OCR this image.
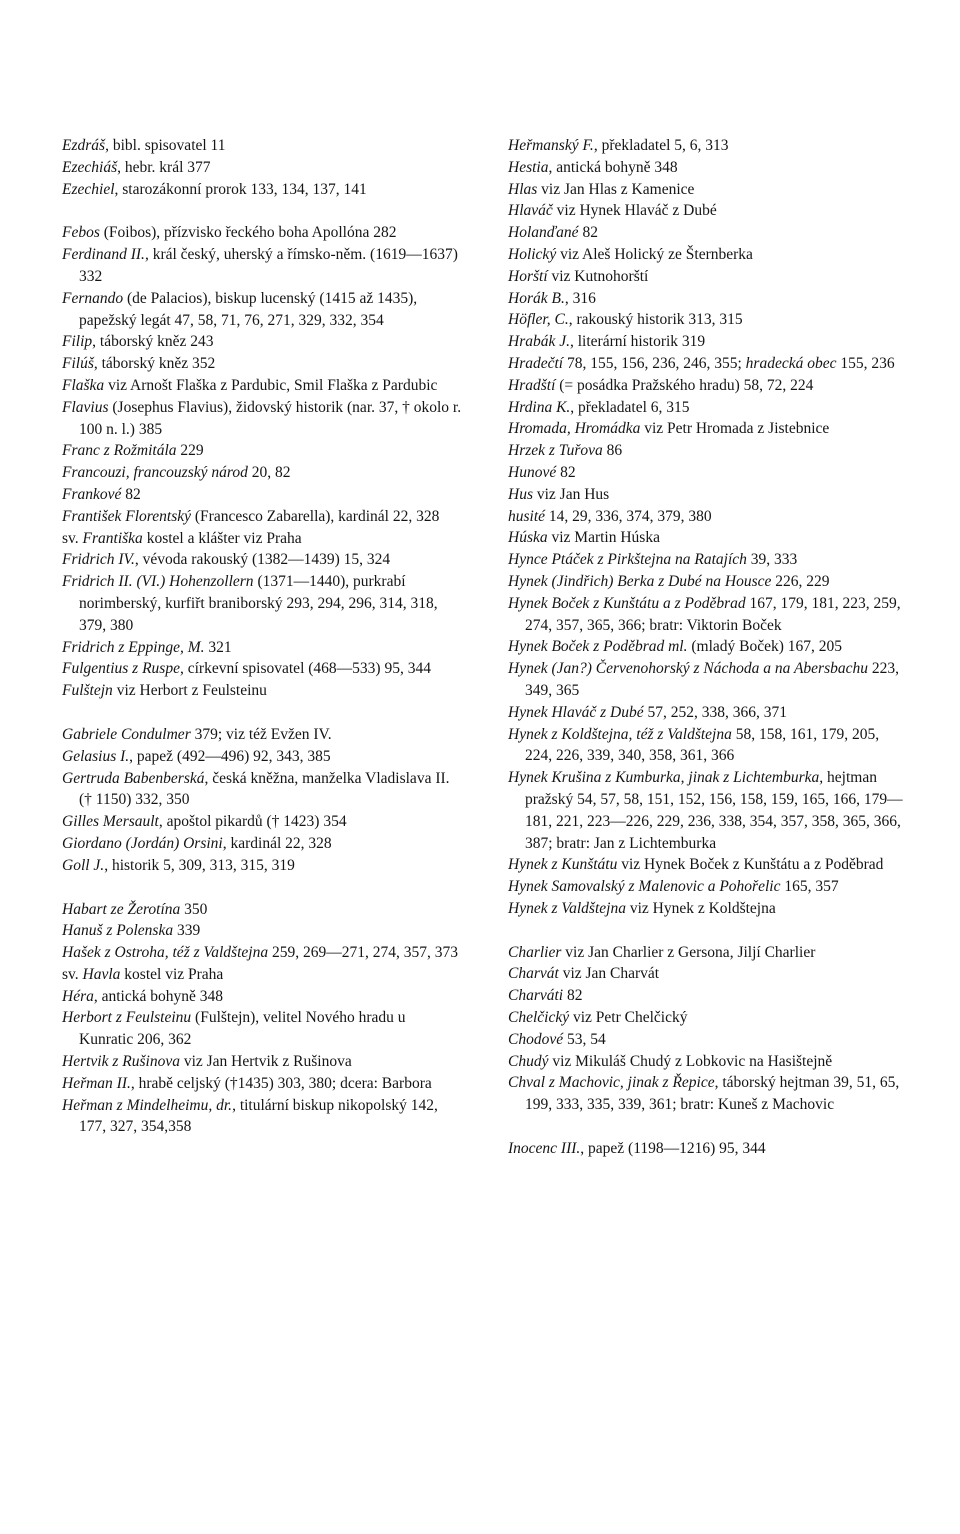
Ezdráš, bibl. spisovatel 11
Ezechiáš, hebr. král 377
Ezechiel, starozákonní prorok 133, 134, 137, 141
Febos (Foibos), přízvisko řeckého boha Apollóna 282
Ferdinand II., král český, uherský a římsko-něm. (1619—1637) 332
Fernando (de Palacios), biskup lucenský (1415 až 1435), papežský legát 47, 58, 71, 76, 271, 329, 332, 354
Filip, táborský kněz 243
Filúš, táborský kněz 352
Flaška viz Arnošt Flaška z Pardubic, Smil Flaška z Pardubic
Flavius (Josephus Flavius), židovský historik (nar. 37, † okolo r. 100 n. l.) 385
Franc z Rožmitála 229
Francouzi, francouzský národ 20, 82
Frankové 82
František Florentský (Francesco Zabarella), kardinál 22, 328
sv. Františka kostel a klášter viz Praha
Fridrich IV., vévoda rakouský (1382—1439) 15, 324
Fridrich II. (VI.) Hohenzollern (1371—1440), purkrabí norimberský, kurfiřt braniborský 293, 294, 296, 314, 318, 379, 380
Fridrich z Eppinge, M. 321
Fulgentius z Ruspe, církevní spisovatel (468—533) 95, 344
Fulštejn viz Herbort z Feulsteinu
Gabriele Condulmer 379; viz též Evžen IV.
Gelasius I., papež (492—496) 92, 343, 385
Gertruda Babenberská, česká kněžna, manželka Vladislava II. († 1150) 332, 350
Gilles Mersault, apoštol pikardů († 1423) 354
Giordano (Jordán) Orsini, kardinál 22, 328
Goll J., historik 5, 309, 313, 315, 319
Habart ze Žerotína 350
Hanuš z Polenska 339
Hašek z Ostroha, též z Valdštejna 259, 269—271, 274, 357, 373
sv. Havla kostel viz Praha
Héra, antická bohyně 348
Herbort z Feulsteinu (Fulštejn), velitel Nového hradu u Kunratic 206, 362
Hertvik z Rušinova viz Jan Hertvik z Rušinova
Heřman II., hrabě celjský (†1435) 303, 380; dcera: Barbora
Heřman z Mindelheimu, dr., titulární biskup nikopolský 142, 177, 327, 354,358
Heřmanský F., překladatel 5, 6, 313
Hestia, antická bohyně 348
Hlas viz Jan Hlas z Kamenice
Hlaváč viz Hynek Hlaváč z Dubé
Holanďané 82
Holický viz Aleš Holický ze Šternberka
Horští viz Kutnohorští
Horák B., 316
Höfler, C., rakouský historik 313, 315
Hrabák J., literární historik 319
Hradečtí 78, 155, 156, 236, 246, 355; hradecká obec 155, 236
Hradští (= posádka Pražského hradu) 58, 72, 224
Hrdina K., překladatel 6, 315
Hromada, Hromádka viz Petr Hromada z Jistebnice
Hrzek z Tuřova 86
Hunové 82
Hus viz Jan Hus
husité 14, 29, 336, 374, 379, 380
Húska viz Martin Húska
Hynce Ptáček z Pirkštejna na Ratajích 39, 333
Hynek (Jindřich) Berka z Dubé na Housce 226, 229
Hynek Boček z Kunštátu a z Poděbrad 167, 179, 181, 223, 259, 274, 357, 365, 366; bratr: Viktorin Boček
Hynek Boček z Poděbrad ml. (mladý Boček) 167, 205
Hynek (Jan?) Červenohorský z Náchoda a na Abersbachu 223, 349, 365
Hynek Hlaváč z Dubé 57, 252, 338, 366, 371
Hynek z Koldštejna, též z Valdštejna 58, 158, 161, 179, 205, 224, 226, 339, 340, 358, 361, 366
Hynek Krušina z Kumburka, jinak z Lichtemburka, hejtman pražský 54, 57, 58, 151, 152, 156, 158, 159, 165, 166, 179—181, 221, 223—226, 229, 236, 338, 354, 357, 358, 365, 366, 387; bratr: Jan z Lichtemburka
Hynek z Kunštátu viz Hynek Boček z Kunštátu a z Poděbrad
Hynek Samovalský z Malenovic a Pohořelic 165, 357
Hynek z Valdštejna viz Hynek z Koldštejna
Charlier viz Jan Charlier z Gersona, Jiljí Charlier
Charvát viz Jan Charvát
Charváti 82
Chelčický viz Petr Chelčický
Chodové 53, 54
Chudý viz Mikuláš Chudý z Lobkovic na Hasištejně
Chval z Machovic, jinak z Řepice, táborský hejtman 39, 51, 65, 199, 333, 335, 339, 361; bratr: Kuneš z Machovic
Inocenc III., papež (1198—1216) 95, 344
